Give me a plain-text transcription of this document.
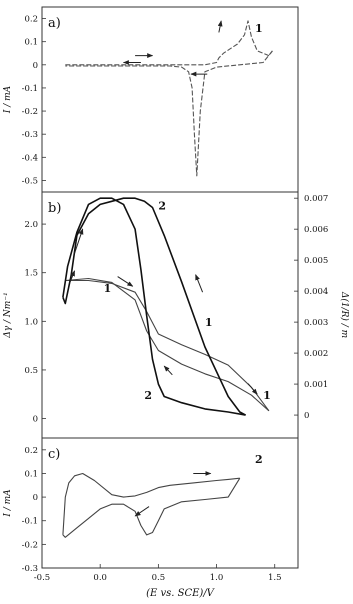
-0.5
-0.4
-0.3
-0.2
-0.1
0
0.1
0.2
I / mA
a)	1
0
0.5
1.0
1.5
2.0
0
0.001
0.002
0.003
0.004
0.005
0.006
0.007
Δ(1/R) / m
Δγ / Nm⁻¹
b)	2
1
1
2	1
-0.3
-0.2
-0.1
0
0.1
0.2
I / mA
c)	2
-0.5	0.0	0.5	1.0	1.5
(E vs. SCE)/V
